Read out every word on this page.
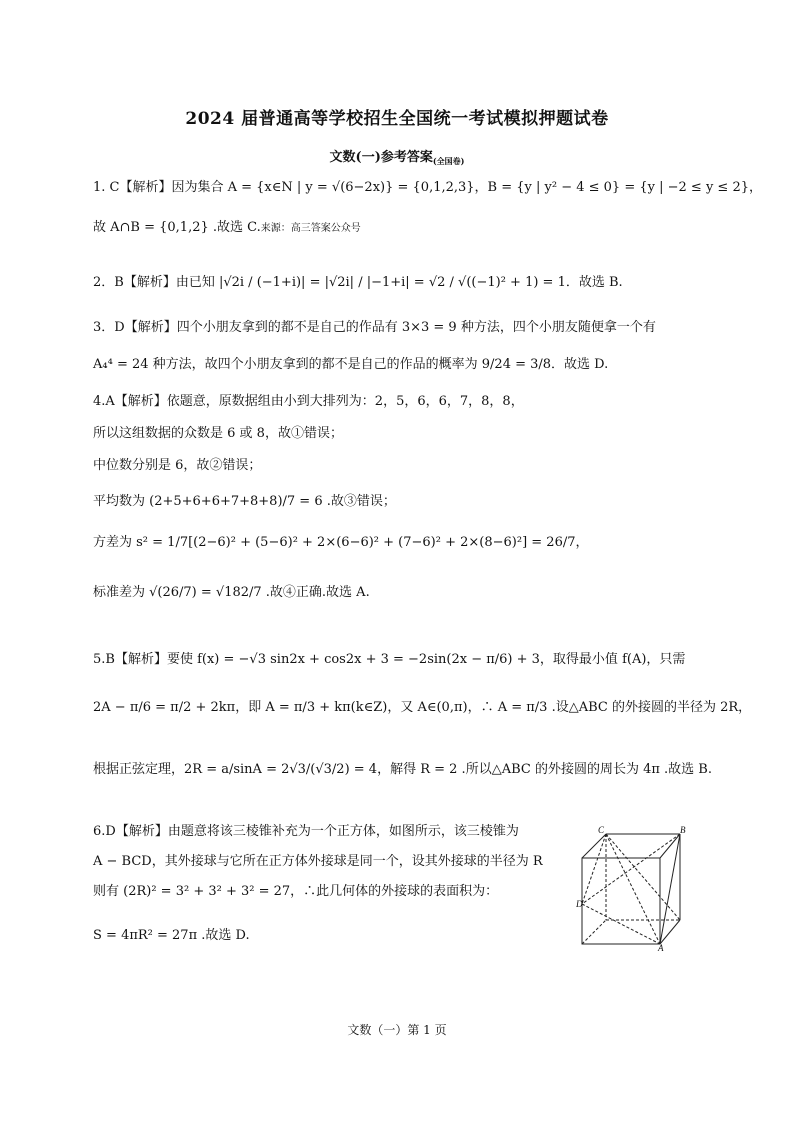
2024 届普通高等学校招生全国统一考试模拟押题试卷
文数(一)参考答案$_{(全国卷)}$
1. C【解析】因为集合 A = {x∈N | y = √(6−2x)} = {0,1,2,3}，B = {y | y² − 4 ≤ 0} = {y | −2 ≤ y ≤ 2}，
故 A∩B = {0,1,2} .故选 C.来源：高三答案公众号
2．B【解析】由已知 |√2i / (−1+i)| = |√2i| / |−1+i| = √2 / √((−1)² + 1) = 1．故选 B.
3．D【解析】四个小朋友拿到的都不是自己的作品有 3×3 = 9 种方法，四个小朋友随便拿一个有
A₄⁴ = 24 种方法，故四个小朋友拿到的都不是自己的作品的概率为 9/24 = 3/8．故选 D.
4.A【解析】依题意，原数据组由小到大排列为：2，5，6，6，7，8，8，
所以这组数据的众数是 6 或 8，故①错误；
中位数分别是 6，故②错误；
平均数为 (2+5+6+6+7+8+8)/7 = 6 .故③错误；
方差为 s² = 1/7[(2−6)² + (5−6)² + 2×(6−6)² + (7−6)² + 2×(8−6)²] = 26/7，
标准差为 √(26/7) = √182/7 .故④正确.故选 A.
5.B【解析】要使 f(x) = −√3 sin2x + cos2x + 3 = −2sin(2x − π/6) + 3，取得最小值 f(A)，只需
2A − π/6 = π/2 + 2kπ，即 A = π/3 + kπ(k∈Z)，又 A∈(0,π)，∴ A = π/3 .设△ABC 的外接圆的半径为 2R，
根据正弦定理，2R = a/sinA = 2√3/(√3/2) = 4，解得 R = 2 .所以△ABC 的外接圆的周长为 4π .故选 B.
6.D【解析】由题意将该三棱锥补充为一个正方体，如图所示，该三棱锥为
A − BCD，其外接球与它所在正方体外接球是同一个，设其外接球的半径为 R
则有 (2R)² = 3² + 3² + 3² = 27，∴此几何体的外接球的表面积为：
S = 4πR² = 27π .故选 D.
C	B
D
A
文数（一）第 1 页
